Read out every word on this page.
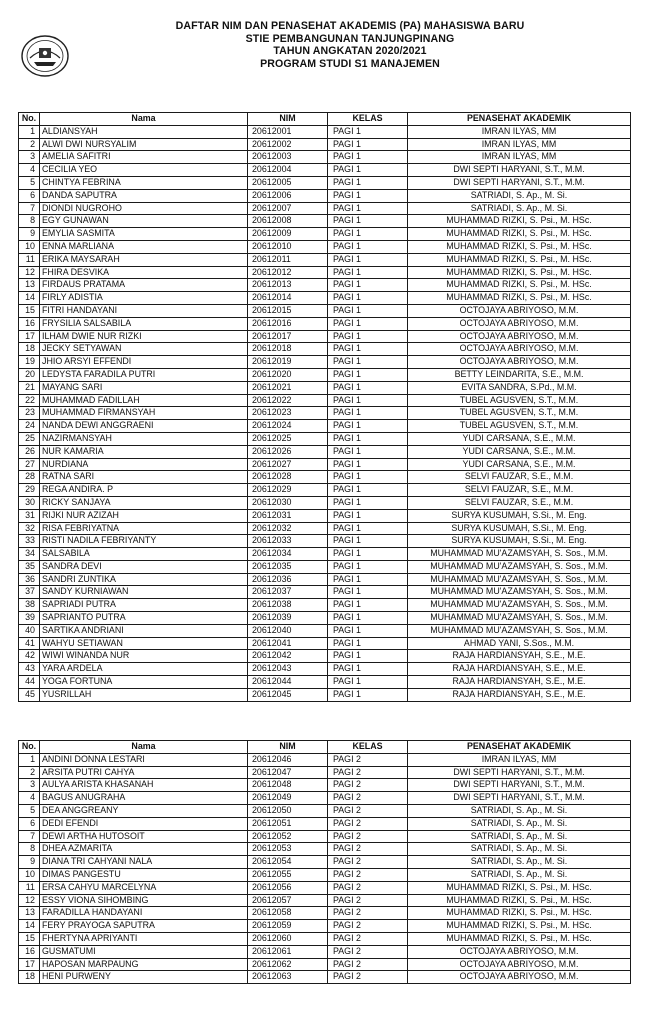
DAFTAR NIM DAN PENASEHAT AKADEMIS (PA) MAHASISWA BARU
STIE PEMBANGUNAN TANJUNGPINANG
TAHUN ANGKATAN 2020/2021
PROGRAM STUDI S1 MANAJEMEN
No.	Nama	NIM	KELAS	PENASEHAT AKADEMIK
1	ALDIANSYAH	20612001	PAGI 1	IMRAN ILYAS, MM
2	ALWI DWI NURSYALIM	20612002	PAGI 1	IMRAN ILYAS, MM
3	AMELIA SAFITRI	20612003	PAGI 1	IMRAN ILYAS, MM
4	CECILIA YEO	20612004	PAGI 1	DWI SEPTI HARYANI, S.T., M.M.
5	CHINTYA FEBRINA	20612005	PAGI 1	DWI SEPTI HARYANI, S.T., M.M.
6	DANDA SAPUTRA	20612006	PAGI 1	SATRIADI, S. Ap., M. Si.
7	DIONDI NUGROHO	20612007	PAGI 1	SATRIADI, S. Ap., M. Si.
8	EGY GUNAWAN	20612008	PAGI 1	MUHAMMAD RIZKI, S. Psi., M. HSc.
9	EMYLIA SASMITA	20612009	PAGI 1	MUHAMMAD RIZKI, S. Psi., M. HSc.
10	ENNA MARLIANA	20612010	PAGI 1	MUHAMMAD RIZKI, S. Psi., M. HSc.
11	ERIKA MAYSARAH	20612011	PAGI 1	MUHAMMAD RIZKI, S. Psi., M. HSc.
12	FHIRA DESVIKA	20612012	PAGI 1	MUHAMMAD RIZKI, S. Psi., M. HSc.
13	FIRDAUS PRATAMA	20612013	PAGI 1	MUHAMMAD RIZKI, S. Psi., M. HSc.
14	FIRLY ADISTIA	20612014	PAGI 1	MUHAMMAD RIZKI, S. Psi., M. HSc.
15	FITRI HANDAYANI	20612015	PAGI 1	OCTOJAYA ABRIYOSO, M.M.
16	FRYSILIA SALSABILA	20612016	PAGI 1	OCTOJAYA ABRIYOSO, M.M.
17	ILHAM DWIE NUR RIZKI	20612017	PAGI 1	OCTOJAYA ABRIYOSO, M.M.
18	JECKY SETYAWAN	20612018	PAGI 1	OCTOJAYA ABRIYOSO, M.M.
19	JHIO ARSYI EFFENDI	20612019	PAGI 1	OCTOJAYA ABRIYOSO, M.M.
20	LEDYSTA FARADILA PUTRI	20612020	PAGI 1	BETTY LEINDARITA, S.E., M.M.
21	MAYANG SARI	20612021	PAGI 1	EVITA SANDRA, S.Pd., M.M.
22	MUHAMMAD FADILLAH	20612022	PAGI 1	TUBEL AGUSVEN, S.T., M.M.
23	MUHAMMAD FIRMANSYAH	20612023	PAGI 1	TUBEL AGUSVEN, S.T., M.M.
24	NANDA DEWI ANGGRAENI	20612024	PAGI 1	TUBEL AGUSVEN, S.T., M.M.
25	NAZIRMANSYAH	20612025	PAGI 1	YUDI CARSANA, S.E., M.M.
26	NUR KAMARIA	20612026	PAGI 1	YUDI CARSANA, S.E., M.M.
27	NURDIANA	20612027	PAGI 1	YUDI CARSANA, S.E., M.M.
28	RATNA SARI	20612028	PAGI 1	SELVI FAUZAR, S.E., M.M.
29	REGA ANDIRA. P	20612029	PAGI 1	SELVI FAUZAR, S.E., M.M.
30	RICKY SANJAYA	20612030	PAGI 1	SELVI FAUZAR, S.E., M.M.
31	RIJKI NUR AZIZAH	20612031	PAGI 1	SURYA KUSUMAH, S.Si., M. Eng.
32	RISA FEBRIYATNA	20612032	PAGI 1	SURYA KUSUMAH, S.Si., M. Eng.
33	RISTI NADILA FEBRIYANTY	20612033	PAGI 1	SURYA KUSUMAH, S.Si., M. Eng.
34	SALSABILA	20612034	PAGI 1	MUHAMMAD MU'AZAMSYAH, S. Sos., M.M.
35	SANDRA DEVI	20612035	PAGI 1	MUHAMMAD MU'AZAMSYAH, S. Sos., M.M.
36	SANDRI ZUNTIKA	20612036	PAGI 1	MUHAMMAD MU'AZAMSYAH, S. Sos., M.M.
37	SANDY KURNIAWAN	20612037	PAGI 1	MUHAMMAD MU'AZAMSYAH, S. Sos., M.M.
38	SAPRIADI PUTRA	20612038	PAGI 1	MUHAMMAD MU'AZAMSYAH, S. Sos., M.M.
39	SAPRIANTO PUTRA	20612039	PAGI 1	MUHAMMAD MU'AZAMSYAH, S. Sos., M.M.
40	SARTIKA ANDRIANI	20612040	PAGI 1	MUHAMMAD MU'AZAMSYAH, S. Sos., M.M.
41	WAHYU SETIAWAN	20612041	PAGI 1	AHMAD YANI, S.Sos., M.M.
42	WIWI WINANDA NUR	20612042	PAGI 1	RAJA HARDIANSYAH, S.E., M.E.
43	YARA ARDELA	20612043	PAGI 1	RAJA HARDIANSYAH, S.E., M.E.
44	YOGA FORTUNA	20612044	PAGI 1	RAJA HARDIANSYAH, S.E., M.E.
45	YUSRILLAH	20612045	PAGI 1	RAJA HARDIANSYAH, S.E., M.E.
No.	Nama	NIM	KELAS	PENASEHAT AKADEMIK
1	ANDINI DONNA LESTARI	20612046	PAGI 2	IMRAN ILYAS, MM
2	ARSITA PUTRI CAHYA	20612047	PAGI 2	DWI SEPTI HARYANI, S.T., M.M.
3	AULYA ARISTA KHASANAH	20612048	PAGI 2	DWI SEPTI HARYANI, S.T., M.M.
4	BAGUS ANUGRAHA	20612049	PAGI 2	DWI SEPTI HARYANI, S.T., M.M.
5	DEA ANGGREANY	20612050	PAGI 2	SATRIADI, S. Ap., M. Si.
6	DEDI EFENDI	20612051	PAGI 2	SATRIADI, S. Ap., M. Si.
7	DEWI ARTHA HUTOSOIT	20612052	PAGI 2	SATRIADI, S. Ap., M. Si.
8	DHEA AZMARITA	20612053	PAGI 2	SATRIADI, S. Ap., M. Si.
9	DIANA TRI CAHYANI NALA	20612054	PAGI 2	SATRIADI, S. Ap., M. Si.
10	DIMAS PANGESTU	20612055	PAGI 2	SATRIADI, S. Ap., M. Si.
11	ERSA CAHYU MARCELYNA	20612056	PAGI 2	MUHAMMAD RIZKI, S. Psi., M. HSc.
12	ESSY VIONA SIHOMBING	20612057	PAGI 2	MUHAMMAD RIZKI, S. Psi., M. HSc.
13	FARADILLA HANDAYANI	20612058	PAGI 2	MUHAMMAD RIZKI, S. Psi., M. HSc.
14	FERY PRAYOGA SAPUTRA	20612059	PAGI 2	MUHAMMAD RIZKI, S. Psi., M. HSc.
15	FHERTYNA APRIYANTI	20612060	PAGI 2	MUHAMMAD RIZKI, S. Psi., M. HSc.
16	GUSMATUMI	20612061	PAGI 2	OCTOJAYA ABRIYOSO, M.M.
17	HAPOSAN MARPAUNG	20612062	PAGI 2	OCTOJAYA ABRIYOSO, M.M.
18	HENI PURWENY	20612063	PAGI 2	OCTOJAYA ABRIYOSO, M.M.
